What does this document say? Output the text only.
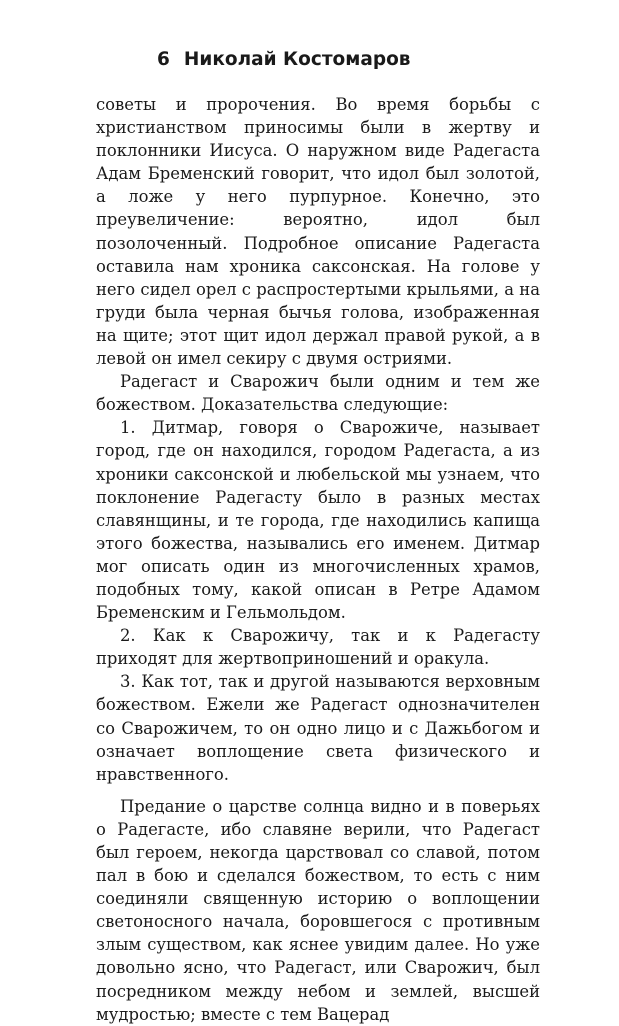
6 Николай Костомаров

советы и пророчения. Во время борьбы с христианством приносимы были в жертву и поклонники Иисуса. О наружном виде Радегаста Адам Бременский говорит, что идол был золотой, а ложе у него пурпурное. Конечно, это преувеличение: вероятно, идол был позолоченный. Подробное описание Радегаста оставила нам хроника саксонская. На голове у него сидел орел с распростертыми крыльями, а на груди была черная бычья голова, изображенная на щите; этот щит идол держал правой рукой, а в левой он имел секиру с двумя остриями.

Радегаст и Сварожич были одним и тем же божеством. Доказательства следующие:

1. Дитмар, говоря о Сварожиче, называет город, где он находился, городом Радегаста, а из хроники саксонской и любельской мы узнаем, что поклонение Радегасту было в разных местах славянщины, и те города, где находились капища этого божества, назывались его именем. Дитмар мог описать один из многочисленных храмов, подобных тому, какой описан в Ретре Адамом Бременским и Гельмольдом.

2. Как к Сварожичу, так и к Радегасту приходят для жертвоприношений и оракула.

3. Как тот, так и другой называются верховным божеством. Ежели же Радегаст однозначителен со Сварожичем, то он одно лицо и с Дажьбогом и означает воплощение света физического и нравственного.

Предание о царстве солнца видно и в поверьях о Радегасте, ибо славяне верили, что Радегаст был героем, некогда царствовал со славой, потом пал в бою и сделался божеством, то есть с ним соединяли священную историю о воплощении светоносного начала, боровшегося с противным злым существом, как яснее увидим далее. Но уже довольно ясно, что Радегаст, или Сварожич, был посредником между небом и землей, высшей мудростью; вместе с тем Вацерад
